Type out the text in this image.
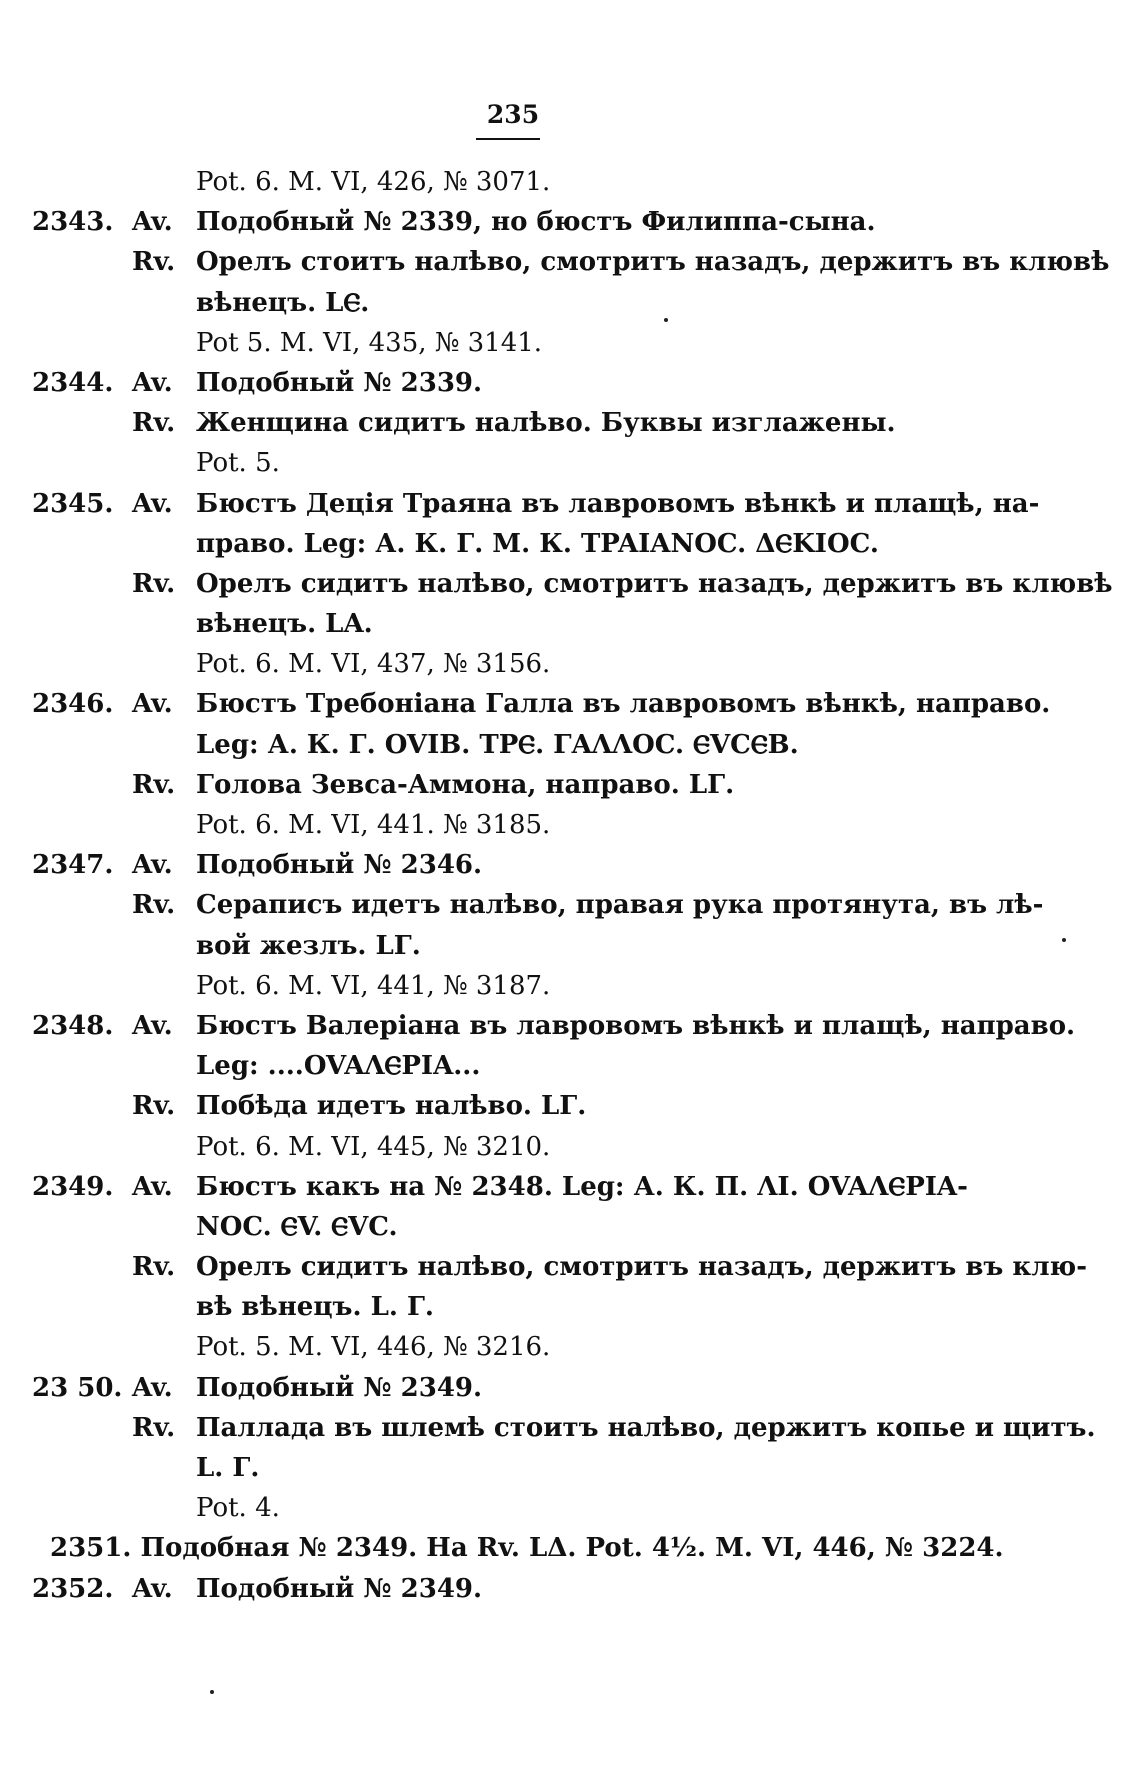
235
Pot. 6. M. VI, 426, № 3071.
2343. Av. Подобный № 2339, но бюстъ Филиппа-сына.
Rv. Орелъ стоитъ налѣво, смотритъ назадъ, держитъ въ клювѣ
вѣнецъ. LⲈ.
Pot 5. M. VI, 435, № 3141.
2344. Av. Подобный № 2339.
Rv. Женщина сидитъ налѣво. Буквы изглажены.
Pot. 5.
2345. Av. Бюстъ Деція Траяна въ лавровомъ вѣнкѣ и плащѣ, на-
право. Leg: А. К. Г. М. К. TPAIANOC. ΔⲈΚΙΟC.
Rv. Орелъ сидитъ налѣво, смотритъ назадъ, держитъ въ клювѣ
вѣнецъ. LA.
Pot. 6. M. VI, 437, № 3156.
2346. Av. Бюстъ Требоніана Галла въ лавровомъ вѣнкѣ, направо.
Leg: А. К. Г. OVIB. ТРⲈ. ΓΑΛΛΟC. ⲈVCⲈB.
Rv. Голова Зевса-Аммона, направо. LГ.
Pot. 6. M. VI, 441. № 3185.
2347. Av. Подобный № 2346.
Rv. Сераписъ идетъ налѣво, правая рука протянута, въ лѣ-
вой жезлъ. LГ.
Pot. 6. M. VI, 441, № 3187.
2348. Av. Бюстъ Валеріана въ лавровомъ вѣнкѣ и плащѣ, направо.
Leg: ....OVAΛⲈPIA...
Rv. Побѣда идетъ налѣво. LГ.
Pot. 6. M. VI, 445, № 3210.
2349. Av. Бюстъ какъ на № 2348. Leg: А. К. П. ΛΙ. OVAΛⲈPIA-
NOC. ⲈV. ⲈVC.
Rv. Орелъ сидитъ налѣво, смотритъ назадъ, держитъ въ клю-
вѣ вѣнецъ. L. Г.
Pot. 5. M. VI, 446, № 3216.
23 50. Av. Подобный № 2349.
Rv. Паллада въ шлемѣ стоитъ налѣво, держитъ копье и щитъ.
L. Г.
Pot. 4.
2351. Подобная № 2349. На Rv. LΔ. Pot. 4½. M. VI, 446, № 3224.
2352. Av. Подобный № 2349.
